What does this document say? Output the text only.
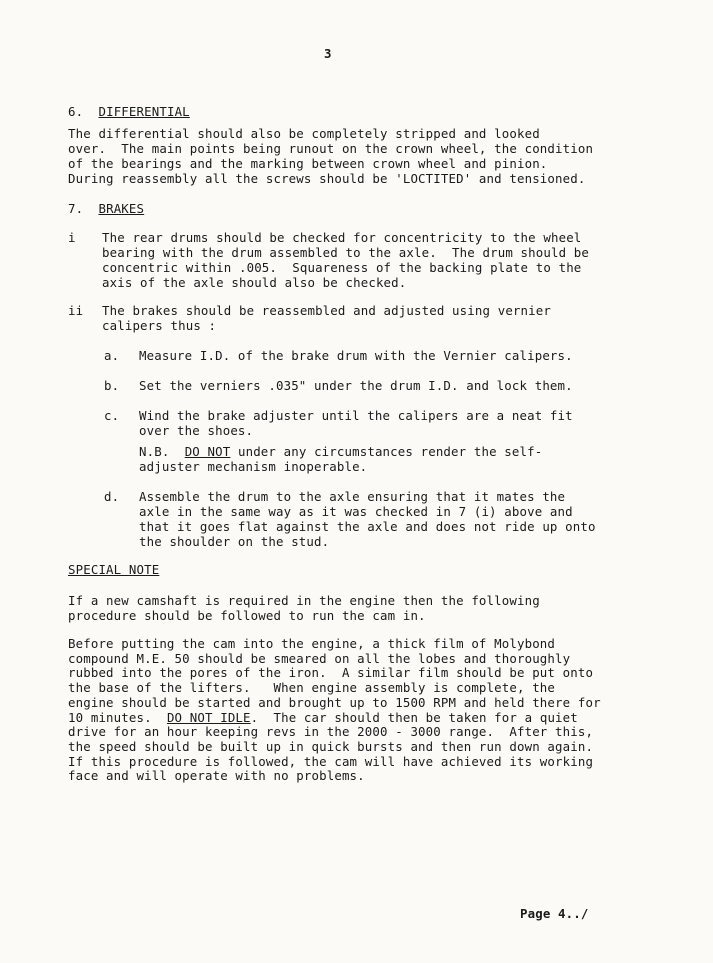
3
6. DIFFERENTIAL
The differential should also be completely stripped and looked
over.  The main points being runout on the crown wheel, the condition
of the bearings and the marking between crown wheel and pinion.
During reassembly all the screws should be 'LOCTITED' and tensioned.
7. BRAKES
i The rear drums should be checked for concentricity to the wheel
bearing with the drum assembled to the axle.  The drum should be
concentric within .005.  Squareness of the backing plate to the
axis of the axle should also be checked.
ii The brakes should be reassembled and adjusted using vernier
calipers thus :
a. Measure I.D. of the brake drum with the Vernier calipers.
b. Set the verniers .035" under the drum I.D. and lock them.
c. Wind the brake adjuster until the calipers are a neat fit
over the shoes.
N.B. DO NOT under any circumstances render the self-
adjuster mechanism inoperable.
d. Assemble the drum to the axle ensuring that it mates the
axle in the same way as it was checked in 7 (i) above and
that it goes flat against the axle and does not ride up onto
the shoulder on the stud.
SPECIAL NOTE
If a new camshaft is required in the engine then the following
procedure should be followed to run the cam in.
Before putting the cam into the engine, a thick film of Molybond
compound M.E. 50 should be smeared on all the lobes and thoroughly
rubbed into the pores of the iron.  A similar film should be put onto
the base of the lifters.   When engine assembly is complete, the
engine should be started and brought up to 1500 RPM and held there for
10 minutes.  DO NOT IDLE.  The car should then be taken for a quiet
drive for an hour keeping revs in the 2000 - 3000 range.  After this,
the speed should be built up in quick bursts and then run down again.
If this procedure is followed, the cam will have achieved its working
face and will operate with no problems.
Page 4../
